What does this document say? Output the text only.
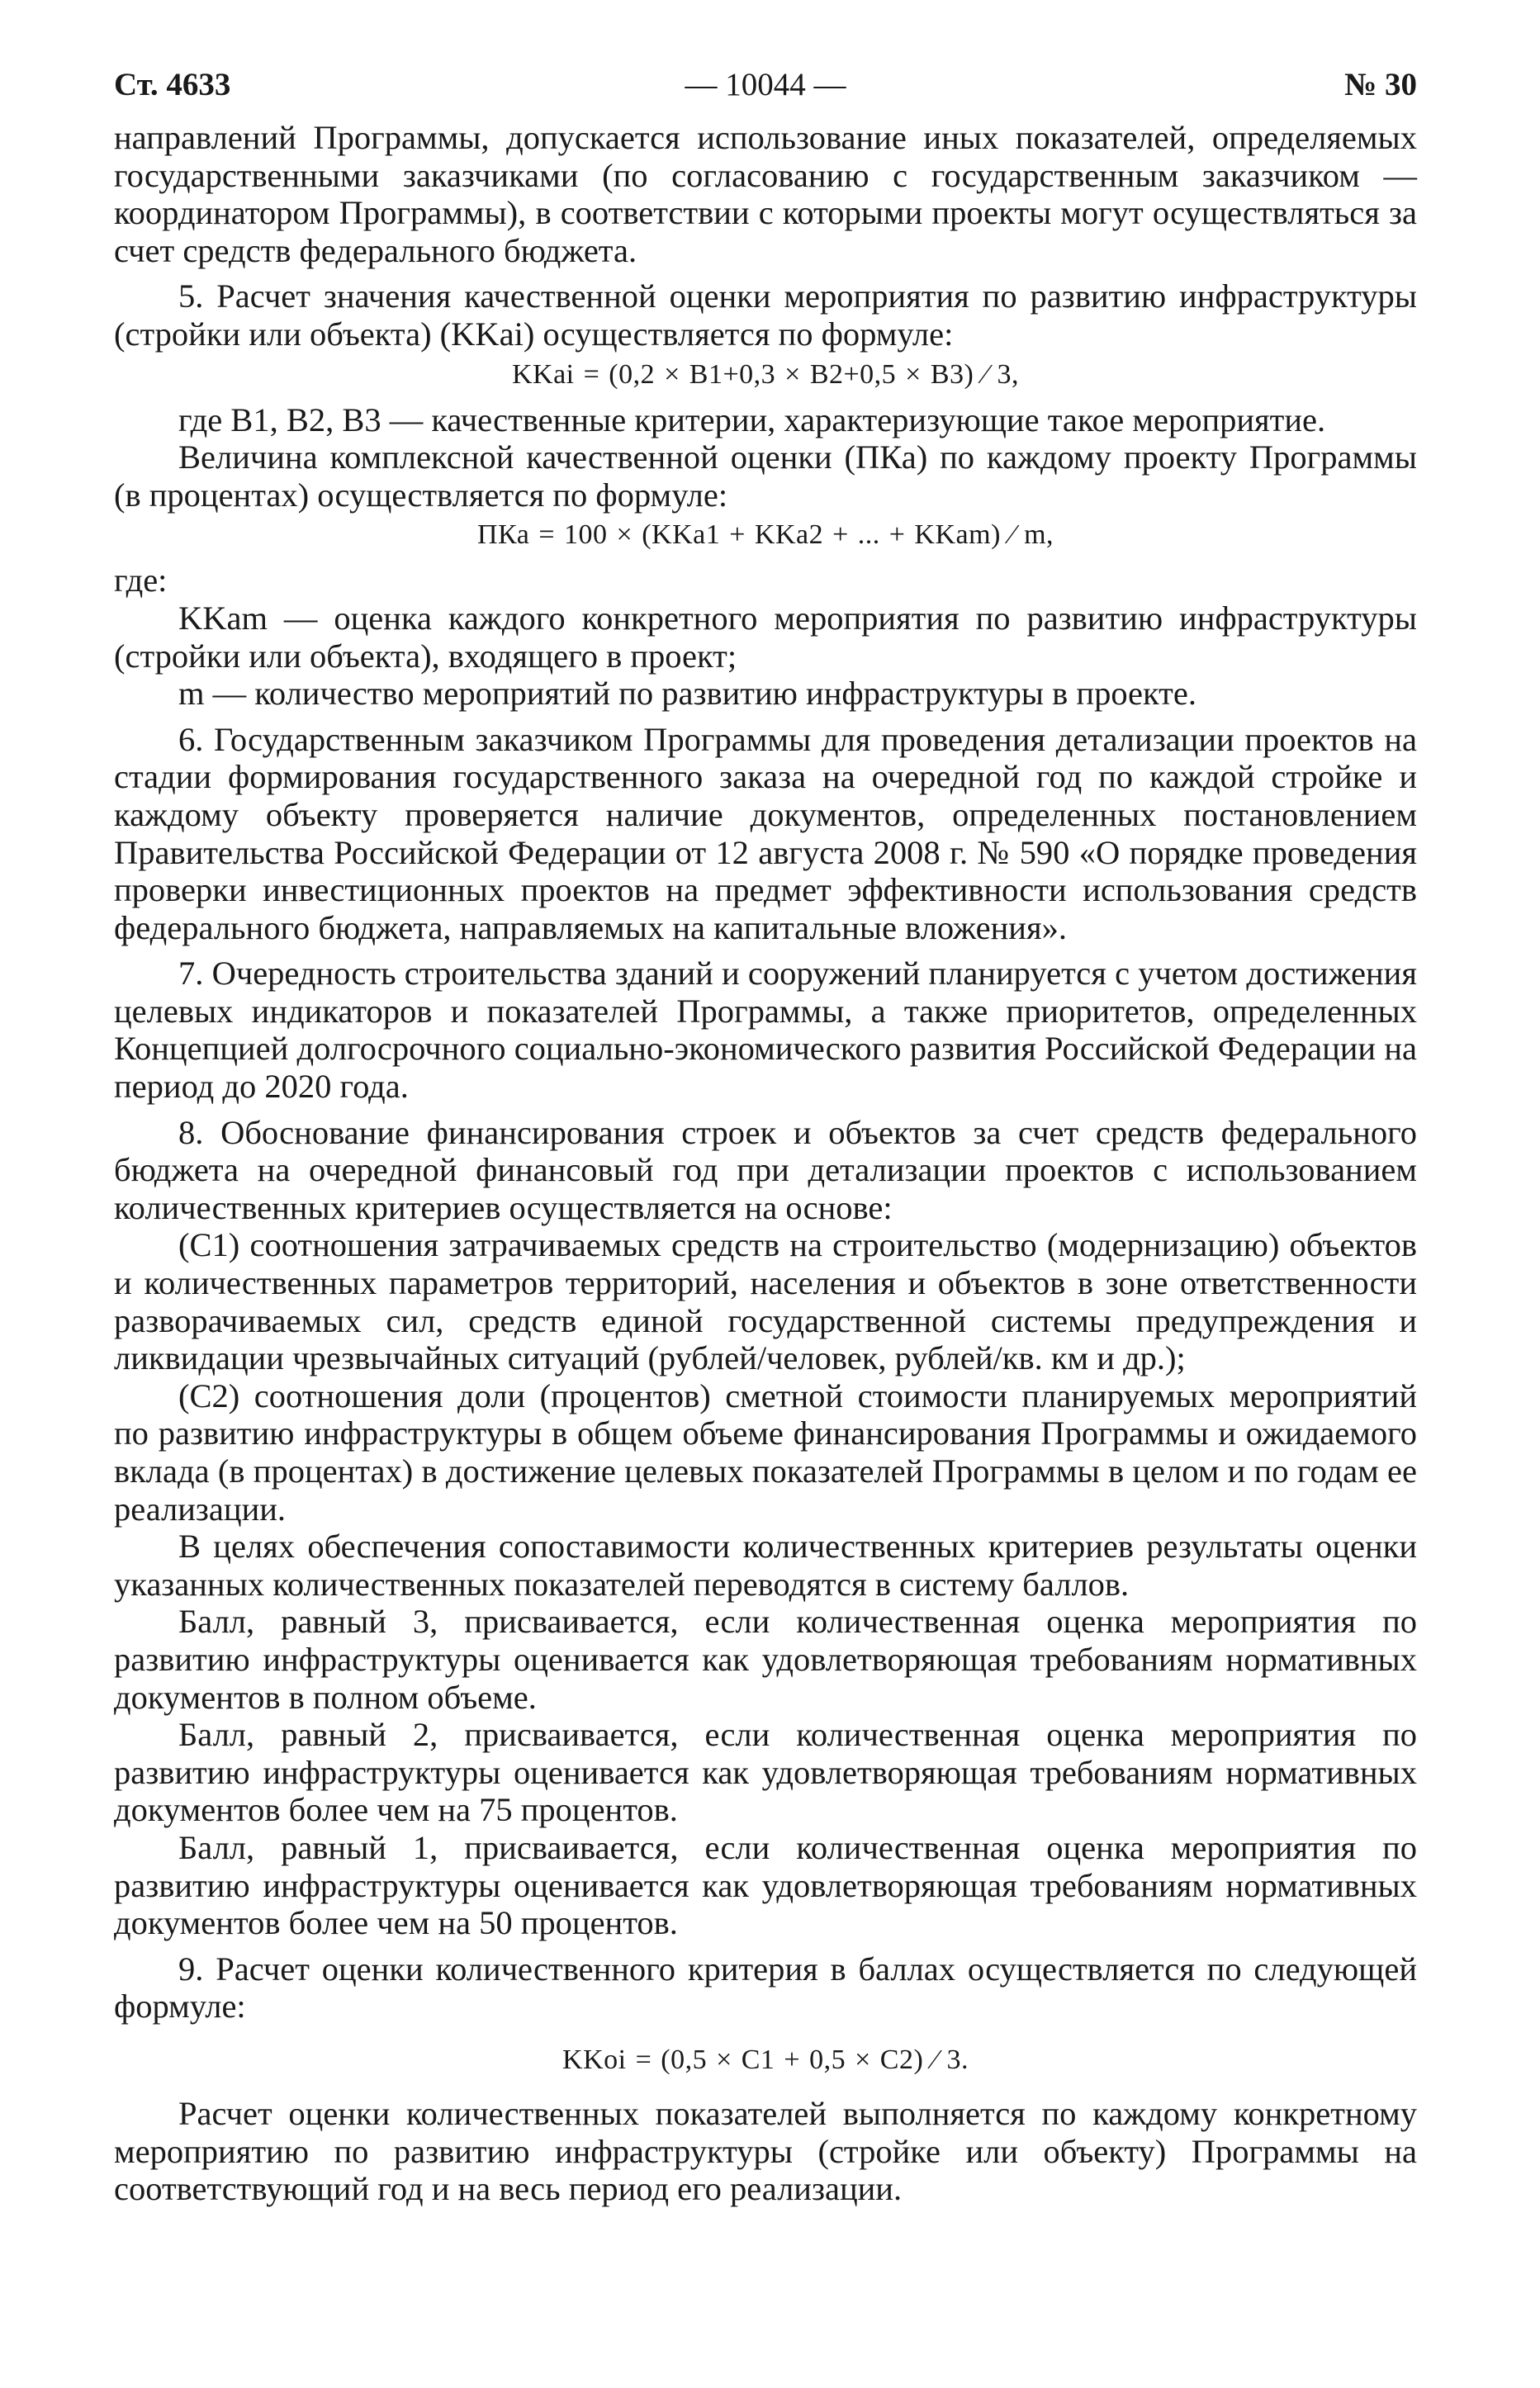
Ст. 4633	— 10044 —	№ 30

направлений Программы, допускается использование иных показателей, определяемых государственными заказчиками (по согласованию с государственным заказчиком — координатором Программы), в соответствии с которыми проекты могут осуществляться за счет средств федерального бюджета.

5. Расчет значения качественной оценки мероприятия по развитию инфраструктуры (стройки или объекта) (KKai) осуществляется по формуле:

KKai = (0,2 × B1+0,3 × B2+0,5 × B3) ⁄ 3,

где B1, B2, B3 — качественные критерии, характеризующие такое мероприятие.

Величина комплексной качественной оценки (ПКа) по каждому проекту Программы (в процентах) осуществляется по формуле:

ПКа = 100 × (KKa1 + KKa2 + ... + KKam) ⁄ m,

где:

KKam — оценка каждого конкретного мероприятия по развитию инфраструктуры (стройки или объекта), входящего в проект;

m — количество мероприятий по развитию инфраструктуры в проекте.

6. Государственным заказчиком Программы для проведения детализации проектов на стадии формирования государственного заказа на очередной год по каждой стройке и каждому объекту проверяется наличие документов, определенных постановлением Правительства Российской Федерации от 12 августа 2008 г. № 590 «О порядке проведения проверки инвестиционных проектов на предмет эффективности использования средств федерального бюджета, направляемых на капитальные вложения».

7. Очередность строительства зданий и сооружений планируется с учетом достижения целевых индикаторов и показателей Программы, а также приоритетов, определенных Концепцией долгосрочного социально-экономического развития Российской Федерации на период до 2020 года.

8. Обоснование финансирования строек и объектов за счет средств федерального бюджета на очередной финансовый год при детализации проектов с использованием количественных критериев осуществляется на основе:

(С1) соотношения затрачиваемых средств на строительство (модернизацию) объектов и количественных параметров территорий, населения и объектов в зоне ответственности разворачиваемых сил, средств единой государственной системы предупреждения и ликвидации чрезвычайных ситуаций (рублей/человек, рублей/кв. км и др.);

(С2) соотношения доли (процентов) сметной стоимости планируемых мероприятий по развитию инфраструктуры в общем объеме финансирования Программы и ожидаемого вклада (в процентах) в достижение целевых показателей Программы в целом и по годам ее реализации.

В целях обеспечения сопоставимости количественных критериев результаты оценки указанных количественных показателей переводятся в систему баллов.

Балл, равный 3, присваивается, если количественная оценка мероприятия по развитию инфраструктуры оценивается как удовлетворяющая требованиям нормативных документов в полном объеме.

Балл, равный 2, присваивается, если количественная оценка мероприятия по развитию инфраструктуры оценивается как удовлетворяющая требованиям нормативных документов более чем на 75 процентов.

Балл, равный 1, присваивается, если количественная оценка мероприятия по развитию инфраструктуры оценивается как удовлетворяющая требованиям нормативных документов более чем на 50 процентов.

9. Расчет оценки количественного критерия в баллах осуществляется по следующей формуле:

KKoi = (0,5 × C1 + 0,5 × C2) ⁄ 3.

Расчет оценки количественных показателей выполняется по каждому конкретному мероприятию по развитию инфраструктуры (стройке или объекту) Программы на соответствующий год и на весь период его реализации.
